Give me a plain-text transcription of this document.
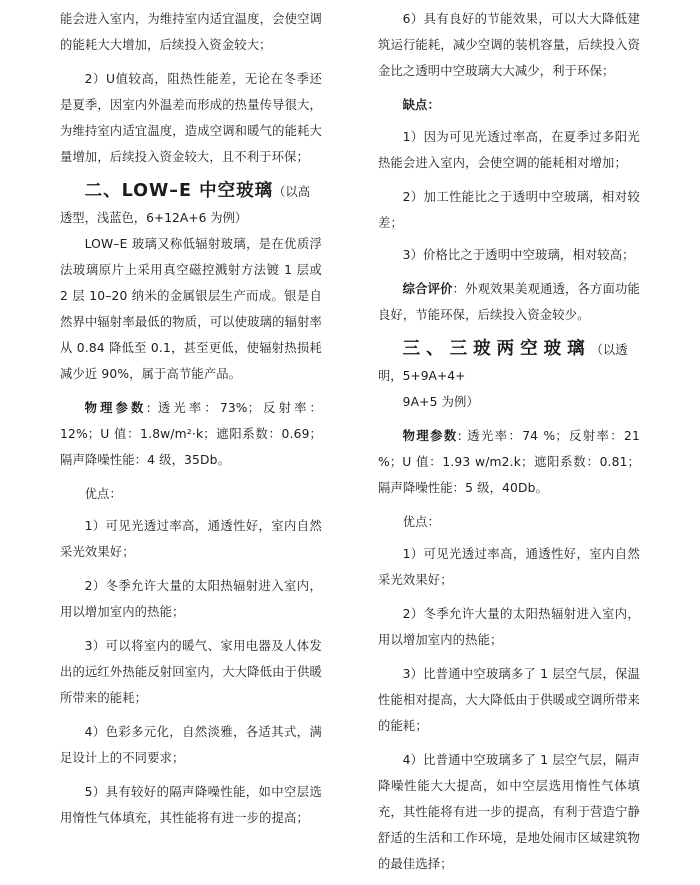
能会进入室内，为维持室内适宜温度，会使空调的能耗大大增加，后续投入资金较大；

2）U值较高，阻热性能差，无论在冬季还是夏季，因室内外温差而形成的热量传导很大，为维持室内适宜温度，造成空调和暖气的能耗大量增加，后续投入资金较大，且不利于环保；

二、LOW–E 中空玻璃（以高透型，浅蓝色，6+12A+6 为例）

LOW–E 玻璃又称低辐射玻璃，是在优质浮法玻璃原片上采用真空磁控溅射方法镀 1 层或 2 层 10–20 纳米的金属银层生产而成。银是自然界中辐射率最低的物质，可以使玻璃的辐射率从 0.84 降低至 0.1，甚至更低，使辐射热损耗减少近 90%，属于高节能产品。

物理参数: 透光率：73%；反射率：12%；U 值：1.8w/m²·k；遮阳系数：0.69；隔声降噪性能：4 级，35Db。

优点：

1）可见光透过率高，通透性好，室内自然采光效果好；

2）冬季允许大量的太阳热辐射进入室内，用以增加室内的热能；

3）可以将室内的暖气、家用电器及人体发出的远红外热能反射回室内，大大降低由于供暖所带来的能耗；

4）色彩多元化，自然淡雅，各适其式，满足设计上的不同要求；

5）具有较好的隔声降噪性能，如中空层选用惰性气体填充，其性能将有进一步的提高；

6）具有良好的节能效果，可以大大降低建筑运行能耗，减少空调的装机容量，后续投入资金比之透明中空玻璃大大减少，利于环保；

缺点：

1）因为可见光透过率高，在夏季过多阳光热能会进入室内，会使空调的能耗相对增加；

2）加工性能比之于透明中空玻璃，相对较差；

3）价格比之于透明中空玻璃，相对较高；

综合评价：外观效果美观通透，各方面功能良好，节能环保，后续投入资金较少。

三、三玻两空玻璃（以透明，5+9A+4+

9A+5 为例）

物理参数: 透光率：74 %；反射率：21 %；U 值：1.93 w/m2.k；遮阳系数：0.81；隔声降噪性能：5 级，40Db。

优点：

1）可见光透过率高，通透性好，室内自然采光效果好；

2）冬季允许大量的太阳热辐射进入室内，用以增加室内的热能；

3）比普通中空玻璃多了 1 层空气层，保温性能相对提高，大大降低由于供暖或空调所带来的能耗；

4）比普通中空玻璃多了 1 层空气层，隔声降噪性能大大提高，如中空层选用惰性气体填充，其性能将有进一步的提高，有利于营造宁静舒适的生活和工作环境，是地处闹市区域建筑物的最佳选择；
